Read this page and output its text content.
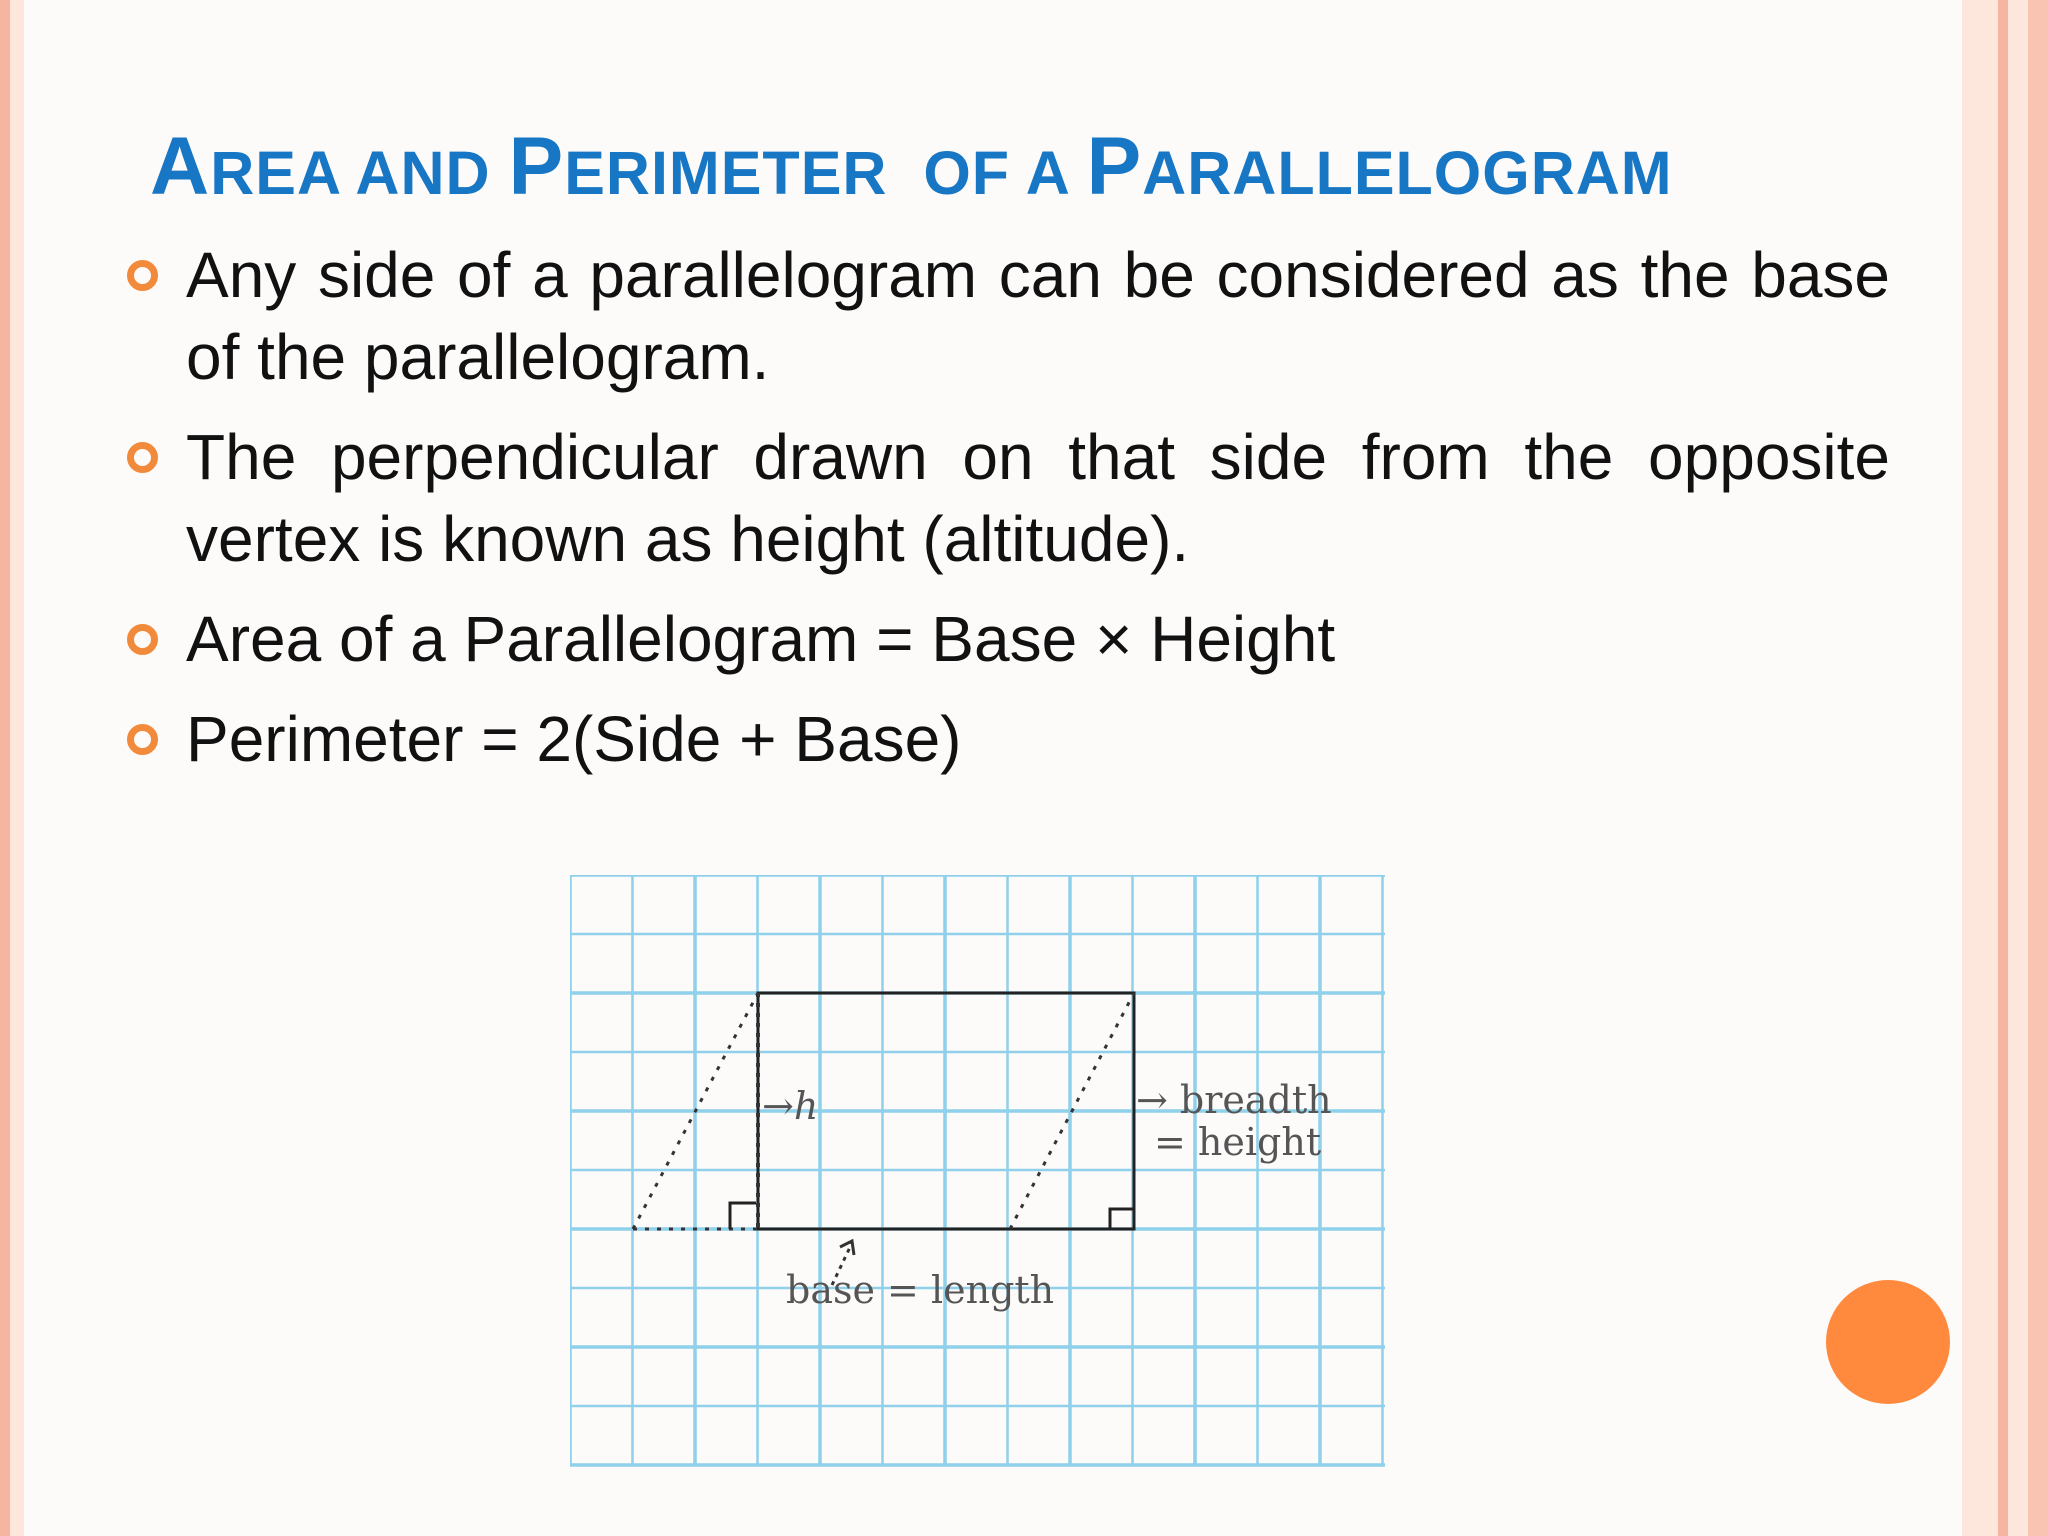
AREA AND PERIMETER  OF A PARALLELOGRAM
Any side of a parallelogram can be considered as the base of the parallelogram.
The perpendicular drawn on that side from the opposite vertex is known as height (altitude).
Area of a Parallelogram = Base × Height
Perimeter = 2(Side + Base)
→h	→ breadth
= height
base = length
